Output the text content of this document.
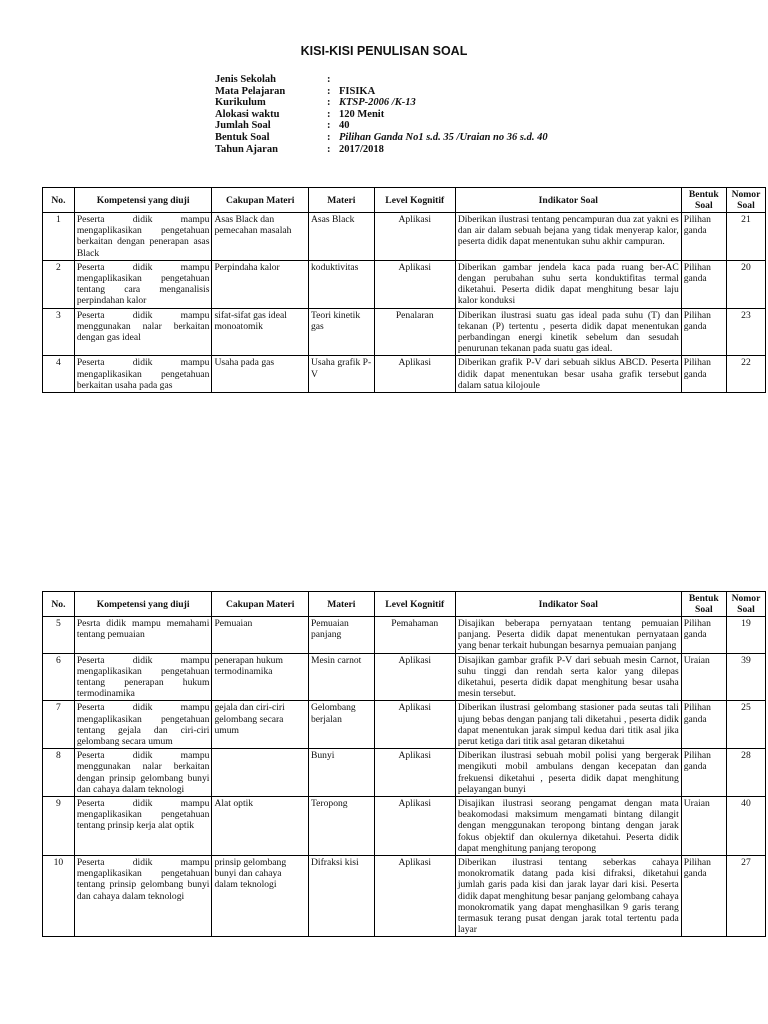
KISI-KISI PENULISAN SOAL
Jenis Sekolah	:
Mata Pelajaran	: FISIKA
Kurikulum	: KTSP-2006 /K-13
Alokasi waktu	: 120 Menit
Jumlah Soal	: 40
Bentuk Soal	: Pilihan Ganda No1 s.d. 35 /Uraian no 36 s.d. 40
Tahun Ajaran	: 2017/2018
No.	Kompetensi yang diuji	Cakupan Materi	Materi	Level Kognitif	Indikator Soal	Bentuk Soal	Nomor Soal
1	Peserta didik mampu mengaplikasikan pengetahuan berkaitan dengan penerapan asas Black	Asas Black dan pemecahan masalah	Asas Black	Aplikasi	Diberikan ilustrasi tentang pencampuran dua zat yakni es dan air dalam sebuah bejana yang tidak menyerap kalor, peserta didik dapat menentukan suhu akhir campuran.	Pilihan ganda	21
2	Peserta didik mampu mengaplikasikan pengetahuan tentang cara menganalisis perpindahan kalor	Perpindaha kalor	koduktivitas	Aplikasi	Diberikan gambar jendela kaca pada ruang ber-AC dengan perubahan suhu serta konduktifitas termal diketahui. Peserta didik dapat menghitung besar laju kalor konduksi	Pilihan ganda	20
3	Peserta didik mampu menggunakan nalar berkaitan dengan gas ideal	sifat-sifat gas ideal monoatomik	Teori kinetik gas	Penalaran	Diberikan ilustrasi suatu gas ideal pada suhu (T) dan tekanan (P) tertentu , peserta didik dapat menentukan perbandingan energi kinetik sebelum dan sesudah penurunan tekanan pada suatu gas ideal.	Pilihan ganda	23
4	Peserta didik mampu mengaplikasikan pengetahuan berkaitan usaha pada gas	Usaha pada gas	Usaha grafik P-V	Aplikasi	Diberikan grafik P-V dari sebuah siklus ABCD. Peserta didik dapat menentukan besar usaha grafik tersebut dalam satua kilojoule	Pilihan ganda	22
No.	Kompetensi yang diuji	Cakupan Materi	Materi	Level Kognitif	Indikator Soal	Bentuk Soal	Nomor Soal
5	Pesrta didik mampu memahami tentang pemuaian	Pemuaian	Pemuaian panjang	Pemahaman	Disajikan beberapa pernyataan tentang pemuaian panjang. Peserta didik dapat menentukan pernyataan yang benar terkait hubungan besarnya pemuaian panjang	Pilihan ganda	19
6	Peserta didik mampu mengaplikasikan pengetahuan tentang penerapan hukum termodinamika	penerapan hukum termodinamika	Mesin carnot	Aplikasi	Disajikan gambar grafik P-V dari sebuah mesin Carnot, suhu tinggi dan rendah serta kalor yang dilepas diketahui, peserta didik dapat menghitung besar usaha mesin tersebut.	Uraian	39
7	Peserta didik mampu mengaplikasikan pengetahuan tentang gejala dan ciri-ciri gelombang secara umum	gejala dan ciri-ciri gelombang secara umum	Gelombang berjalan	Aplikasi	Diberikan ilustrasi gelombang stasioner pada seutas tali ujung bebas dengan panjang tali diketahui , peserta didik dapat menentukan jarak simpul kedua dari titik asal jika perut ketiga dari titik asal getaran diketahui	Pilihan ganda	25
8	Peserta didik mampu menggunakan nalar berkaitan dengan prinsip gelombang bunyi dan cahaya dalam teknologi		Bunyi	Aplikasi	Diberikan ilustrasi sebuah mobil polisi yang bergerak mengikuti mobil ambulans dengan kecepatan dan frekuensi diketahui , peserta didik dapat menghitung pelayangan bunyi	Pilihan ganda	28
9	Peserta didik mampu mengaplikasikan pengetahuan tentang prinsip kerja alat optik	Alat optik	Teropong	Aplikasi	Disajikan ilustrasi seorang pengamat dengan mata beakomodasi maksimum mengamati bintang dilangit dengan menggunakan teropong bintang dengan jarak fokus objektif dan okulernya diketahui. Peserta didik dapat menghitung panjang teropong	Uraian	40
10	Peserta didik mampu mengaplikasikan pengetahuan tentang prinsip gelombang bunyi dan cahaya dalam teknologi	prinsip gelombang bunyi dan cahaya dalam teknologi	Difraksi kisi	Aplikasi	Diberikan ilustrasi tentang seberkas cahaya monokromatik datang pada kisi difraksi, diketahui jumlah garis pada kisi dan jarak layar dari kisi. Peserta didik dapat menghitung besar panjang gelombang cahaya monokromatik yang dapat menghasilkan 9 garis terang termasuk terang pusat dengan jarak total tertentu pada layar	Pilihan ganda	27
